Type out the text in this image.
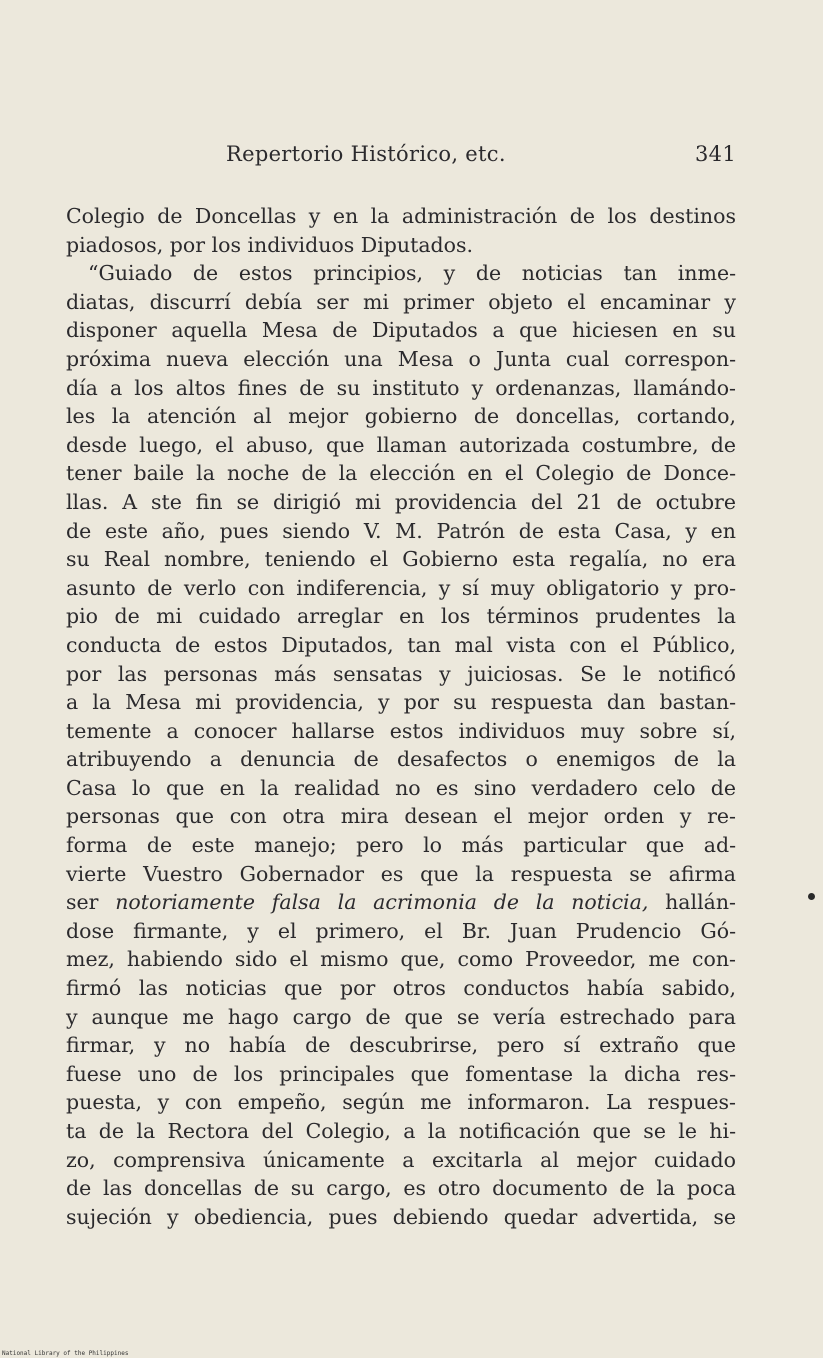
Repertorio Histórico, etc.	341
Colegio de Doncellas y en la administración de los destinos
piadosos, por los individuos Diputados.
“Guiado de estos principios, y de noticias tan inme-
diatas, discurrí debía ser mi primer objeto el encaminar y
disponer aquella Mesa de Diputados a que hiciesen en su
próxima nueva elección una Mesa o Junta cual correspon-
día a los altos fines de su instituto y ordenanzas, llamándo-
les la atención al mejor gobierno de doncellas, cortando,
desde luego, el abuso, que llaman autorizada costumbre, de
tener baile la noche de la elección en el Colegio de Donce-
llas. A ste fin se dirigió mi providencia del 21 de octubre
de este año, pues siendo V. M. Patrón de esta Casa, y en
su Real nombre, teniendo el Gobierno esta regalía, no era
asunto de verlo con indiferencia, y sí muy obligatorio y pro-
pio de mi cuidado arreglar en los términos prudentes la
conducta de estos Diputados, tan mal vista con el Público,
por las personas más sensatas y juiciosas. Se le notificó
a la Mesa mi providencia, y por su respuesta dan bastan-
temente a conocer hallarse estos individuos muy sobre sí,
atribuyendo a denuncia de desafectos o enemigos de la
Casa lo que en la realidad no es sino verdadero celo de
personas que con otra mira desean el mejor orden y re-
forma de este manejo; pero lo más particular que ad-
vierte Vuestro Gobernador es que la respuesta se afirma
ser notoriamente falsa la acrimonia de la noticia, hallán-
dose firmante, y el primero, el Br. Juan Prudencio Gó-
mez, habiendo sido el mismo que, como Proveedor, me con-
firmó las noticias que por otros conductos había sabido,
y aunque me hago cargo de que se vería estrechado para
firmar, y no había de descubrirse, pero sí extraño que
fuese uno de los principales que fomentase la dicha res-
puesta, y con empeño, según me informaron. La respues-
ta de la Rectora del Colegio, a la notificación que se le hi-
zo, comprensiva únicamente a excitarla al mejor cuidado
de las doncellas de su cargo, es otro documento de la poca
sujeción y obediencia, pues debiendo quedar advertida, se
National Library of the Philippines
